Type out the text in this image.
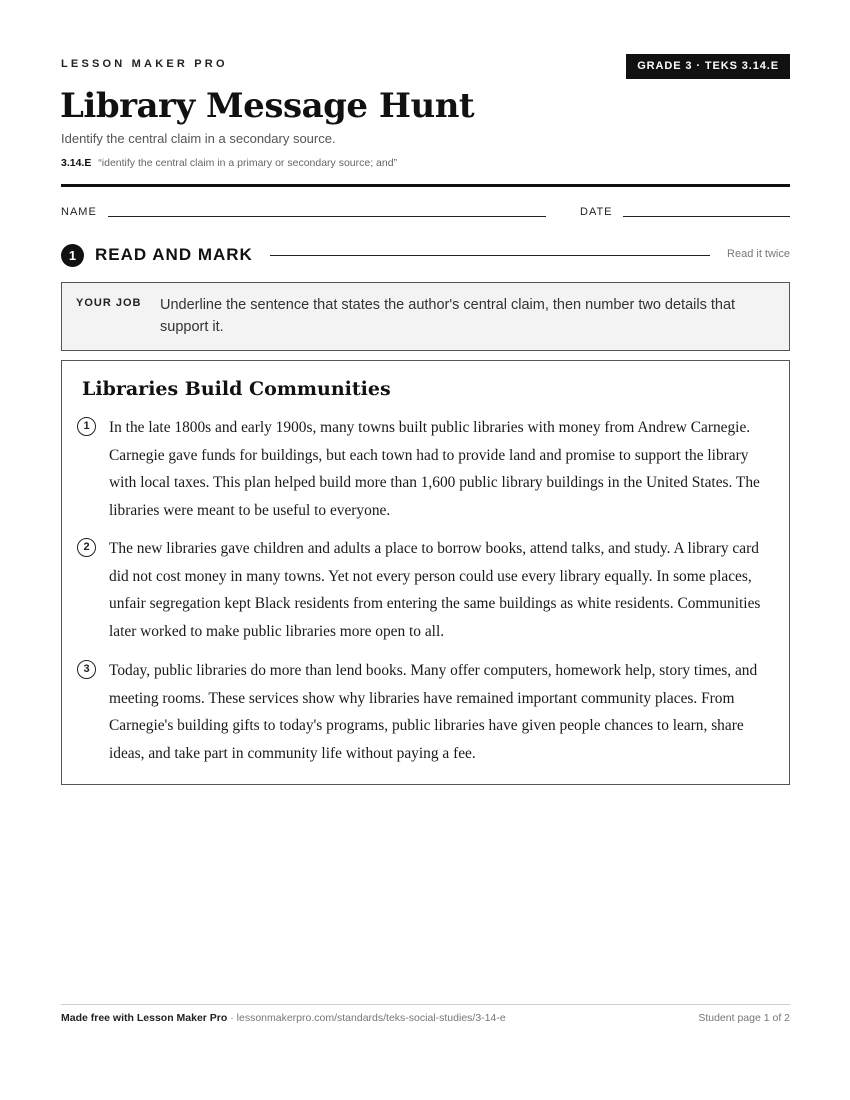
LESSON MAKER PRO	GRADE 3 · TEKS 3.14.E
Library Message Hunt
Identify the central claim in a secondary source.
3.14.E “identify the central claim in a primary or secondary source; and”
NAME	DATE
1	READ AND MARK	Read it twice
YOUR JOB Underline the sentence that states the author's central claim, then number two details that support it.
Libraries Build Communities
1	In the late 1800s and early 1900s, many towns built public libraries with money from Andrew Carnegie. Carnegie gave funds for buildings, but each town had to provide land and promise to support the library with local taxes. This plan helped build more than 1,600 public library buildings in the United States. The libraries were meant to be useful to everyone.

2	The new libraries gave children and adults a place to borrow books, attend talks, and study. A library card did not cost money in many towns. Yet not every person could use every library equally. In some places, unfair segregation kept Black residents from entering the same buildings as white residents. Communities later worked to make public libraries more open to all.

3	Today, public libraries do more than lend books. Many offer computers, homework help, story times, and meeting rooms. These services show why libraries have remained important community places. From Carnegie's building gifts to today's programs, public libraries have given people chances to learn, share ideas, and take part in community life without paying a fee.

Made free with Lesson Maker Pro · lessonmakerpro.com/standards/teks-social-studies/3-14-e	Student page 1 of 2
